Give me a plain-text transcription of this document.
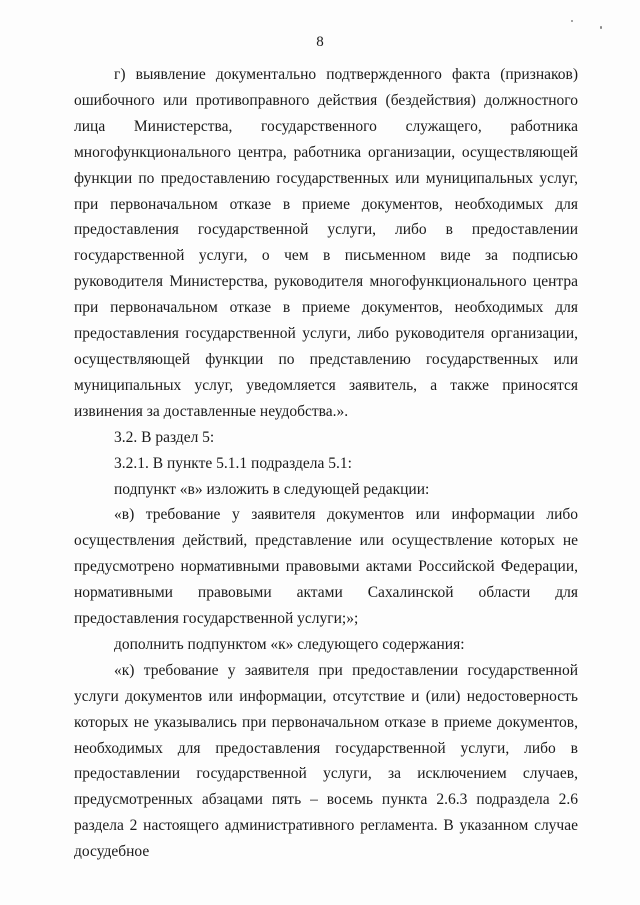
8

г) выявление документально подтвержденного факта (признаков) ошибочного или противоправного действия (бездействия) должностного лица Министерства, государственного служащего, работника многофункционального центра, работника организации, осуществляющей функции по предоставлению государственных или муниципальных услуг, при первоначальном отказе в приеме документов, необходимых для предоставления государственной услуги, либо в предоставлении государственной услуги, о чем в письменном виде за подписью руководителя Министерства, руководителя многофункционального центра при первоначальном отказе в приеме документов, необходимых для предоставления государственной услуги, либо руководителя организации, осуществляющей функции по представлению государственных или муниципальных услуг, уведомляется заявитель, а также приносятся извинения за доставленные неудобства.».

3.2. В раздел 5:

3.2.1. В пункте 5.1.1 подраздела 5.1:

подпункт «в» изложить в следующей редакции:

«в) требование у заявителя документов или информации либо осуществления действий, представление или осуществление которых не предусмотрено нормативными правовыми актами Российской Федерации, нормативными правовыми актами Сахалинской области для предоставления государственной услуги;»;

дополнить подпунктом «к» следующего содержания:

«к) требование у заявителя при предоставлении государственной услуги документов или информации, отсутствие и (или) недостоверность которых не указывались при первоначальном отказе в приеме документов, необходимых для предоставления государственной услуги, либо в предоставлении государственной услуги, за исключением случаев, предусмотренных абзацами пять – восемь пункта 2.6.3 подраздела 2.6 раздела 2 настоящего административного регламента. В указанном случае досудебное
